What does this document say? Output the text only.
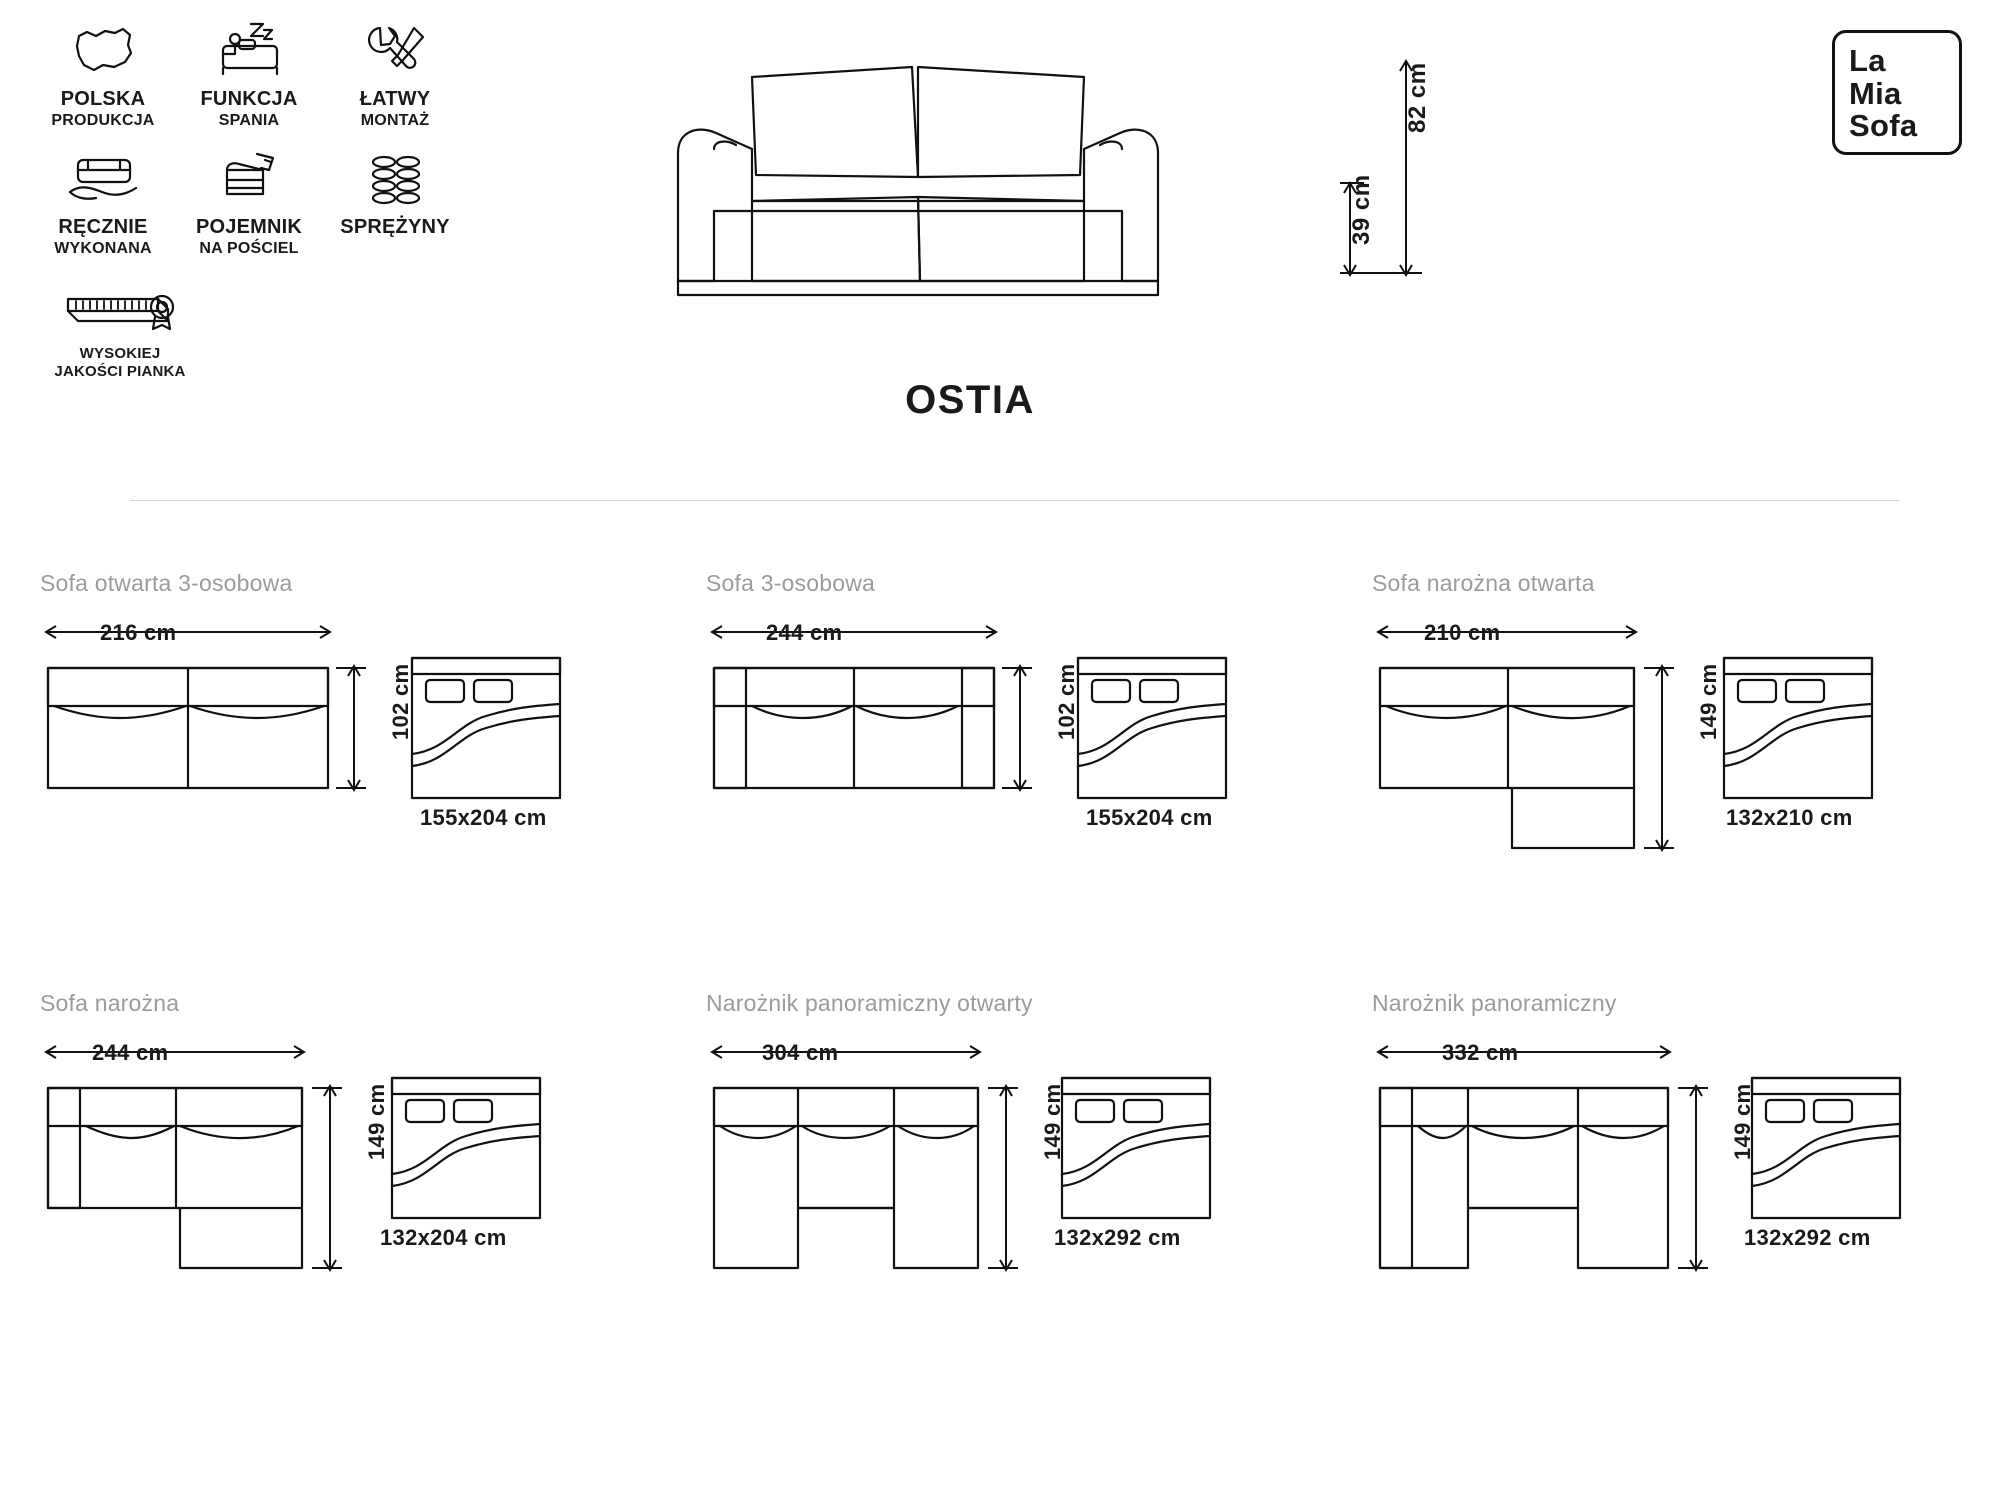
POLSKA
PRODUKCJA
FUNKCJA
SPANIA
ŁATWY
MONTAŻ
RĘCZNIE
WYKONANA
POJEMNIK
NA POŚCIEL
SPRĘŻYNY
WYSOKIEJ
JAKOŚCI PIANKA
82 cm
39 cm
OSTIA
La
Mia
Sofa
Sofa otwarta 3-osobowa
216 cm
102 cm
155x204 cm
Sofa 3-osobowa
244 cm
102 cm
155x204 cm
Sofa narożna otwarta
210 cm
149 cm
132x210 cm
Sofa narożna
244 cm
149 cm
132x204 cm
Narożnik panoramiczny otwarty
304 cm
149 cm
132x292 cm
Narożnik panoramiczny
332 cm
149 cm
132x292 cm
